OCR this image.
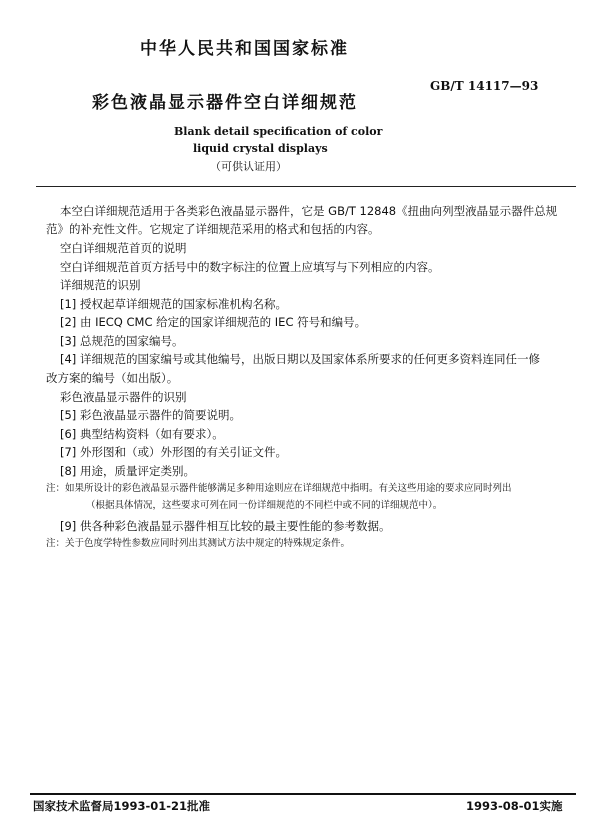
中华人民共和国国家标准
GB/T 14117—93
彩色液晶显示器件空白详细规范
Blank detail specification of color
liquid crystal displays
（可供认证用）
本空白详细规范适用于各类彩色液晶显示器件，它是 GB/T 12848《扭曲向列型液晶显示器件总规
范》的补充性文件。它规定了详细规范采用的格式和包括的内容。
空白详细规范首页的说明
空白详细规范首页方括号中的数字标注的位置上应填写与下列相应的内容。
详细规范的识别
[1] 授权起草详细规范的国家标准机构名称。
[2] 由 IECQ CMC 给定的国家详细规范的 IEC 符号和编号。
[3] 总规范的国家编号。
[4] 详细规范的国家编号或其他编号，出版日期以及国家体系所要求的任何更多资料连同任一修
改方案的编号（如出版）。
彩色液晶显示器件的识别
[5] 彩色液晶显示器件的简要说明。
[6] 典型结构资料（如有要求）。
[7] 外形图和（或）外形图的有关引证文件。
[8] 用途，质量评定类别。
注：如果所设计的彩色液晶显示器件能够满足多种用途则应在详细规范中指明。有关这些用途的要求应同时列出
（根据具体情况，这些要求可列在同一份详细规范的不同栏中或不同的详细规范中）。
[9] 供各种彩色液晶显示器件相互比较的最主要性能的参考数据。
注：关于色度学特性参数应同时列出其测试方法中规定的特殊规定条件。
国家技术监督局1993-01-21批准	1993-08-01实施
